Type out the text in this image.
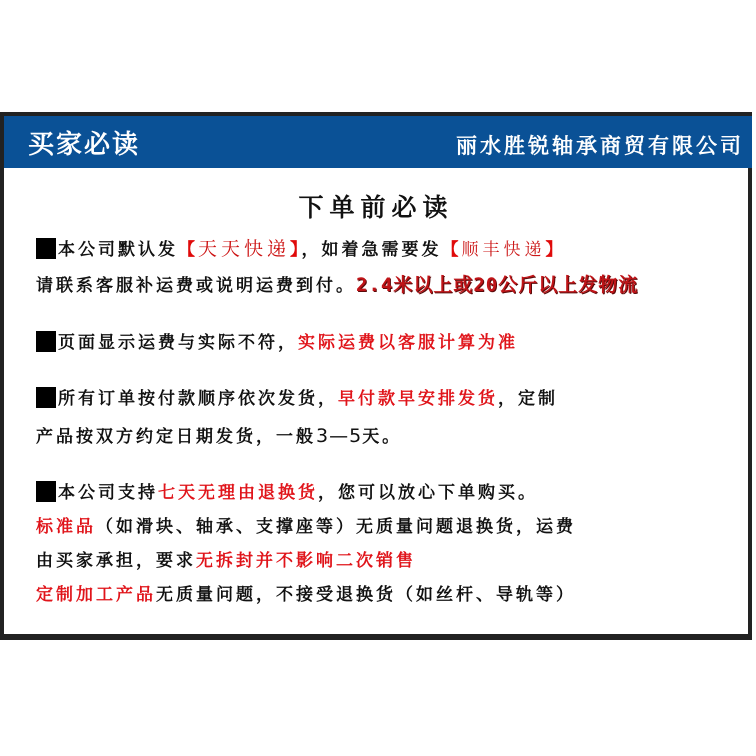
买家必读	丽水胜锐轴承商贸有限公司
下单前必读
本公司默认发【天天快递】，如着急需要发【顺丰快递】
请联系客服补运费或说明运费到付。2.4米以上或20公斤以上发物流
页面显示运费与实际不符，实际运费以客服计算为准
所有订单按付款顺序依次发货，早付款早安排发货，定制
产品按双方约定日期发货，一般3—5天。
本公司支持七天无理由退换货，您可以放心下单购买。
标准品（如滑块、轴承、支撑座等）无质量问题退换货，运费
由买家承担，要求无拆封并不影响二次销售
定制加工产品无质量问题，不接受退换货（如丝杆、导轨等）
